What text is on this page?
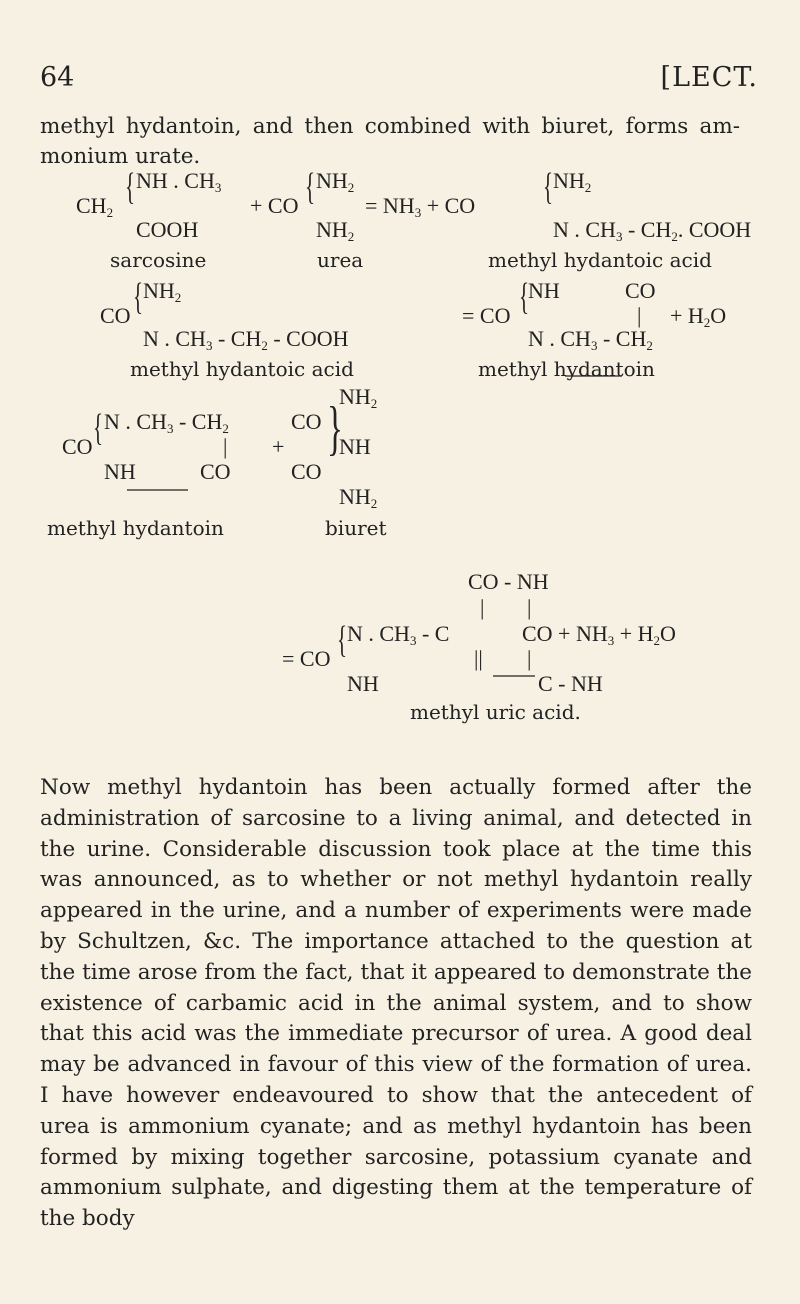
64	[LECT.
methyl hydantoin, and then combined with biuret, forms am-monium urate.
$CH_2$
{ NH . $CH_3$
COOH
+ CO { $NH_2$
$NH_2$
= $NH_3$ + CO { $NH_2$
N . $CH_3 - CH_2$. COOH
sarcosine	urea	methyl hydantoic acid
CO { $NH_2$
N . $CH_3 - CH_2$ - COOH
= CO {
NH	CO
| + $H_2O$
N . $CH_3 - CH_2$
methyl hydantoic acid	methyl hydantoin
CO { N . $CH_3 - CH_2$	CO
| +
NH	CO	CO
}
$NH_2$
NH
$NH_2$
methyl hydantoin	biuret
CO - NH
| |
= CO { N . $CH_3$ - C	CO + $NH_3 + H_2O$
|| |
NH	C - NH
methyl uric acid.

Now methyl hydantoin has been actually formed after the administration of sarcosine to a living animal, and detected in the urine. Considerable discussion took place at the time this was announced, as to whether or not methyl hydantoin really appeared in the urine, and a number of experiments were made by Schultzen, &c. The importance attached to the question at the time arose from the fact, that it appeared to demonstrate the existence of carbamic acid in the animal system, and to show that this acid was the immediate precursor of urea. A good deal may be advanced in favour of this view of the formation of urea. I have however endeavoured to show that the antecedent of urea is ammonium cyanate; and as methyl hydantoin has been formed by mixing together sarcosine, potassium cyanate and ammonium sulphate, and digesting them at the temperature of the body
